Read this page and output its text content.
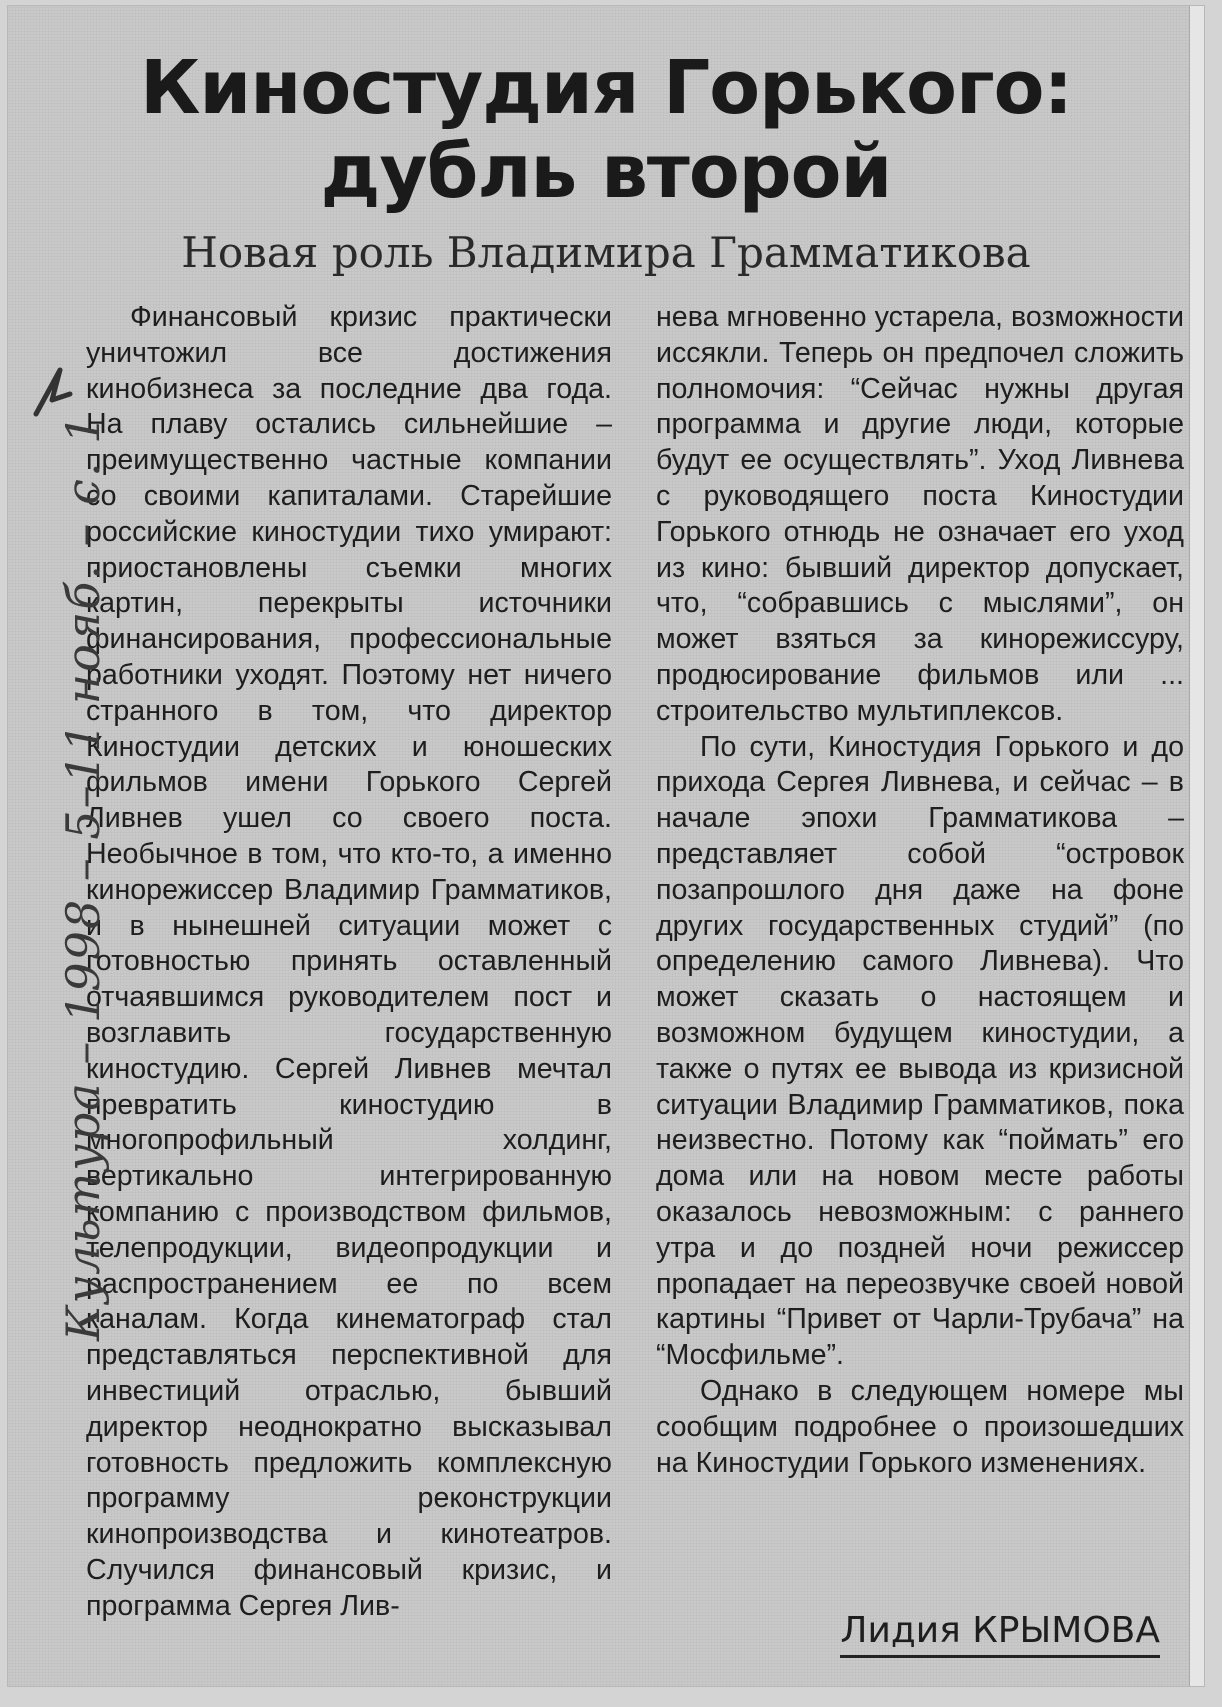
Киностудия Горького:
дубль второй
Новая роль Владимира Грамматикова

Финансовый кризис практически уничтожил все достижения кинобизнеса за последние два года. На плаву остались сильнейшие – преимущественно частные компании со своими капиталами. Старейшие российские киностудии тихо умирают: приостановлены съемки многих картин, перекрыты источники финансирования, профессиональные работники уходят. Поэтому нет ничего странного в том, что директор Киностудии детских и юношеских фильмов имени Горького Сергей Ливнев ушел со своего поста. Необычное в том, что кто-то, а именно кинорежиссер Владимир Грамматиков, и в нынешней ситуации может с готовностью принять оставленный отчаявшимся руководителем пост и возглавить государственную киностудию. Сергей Ливнев мечтал превратить киностудию в многопрофильный холдинг, вертикально интегрированную компанию с производством фильмов, телепродукции, видеопродукции и распространением ее по всем каналам. Когда кинематограф стал представляться перспективной для инвестиций отраслью, бывший директор неоднократно высказывал готовность предложить комплексную программу реконструкции кинопроизводства и кинотеатров. Случился финансовый кризис, и программа Сергея Лив-

нева мгновенно устарела, возможности иссякли. Теперь он предпочел сложить полномочия: “Сейчас нужны другая программа и другие люди, которые будут ее осуществлять”. Уход Ливнева с руководящего поста Киностудии Горького отнюдь не означает его уход из кино: бывший директор допускает, что, “собравшись с мыслями”, он может взяться за кинорежиссуру, продюсирование фильмов или ... строительство мультиплексов.

По сути, Киностудия Горького и до прихода Сергея Ливнева, и сейчас – в начале эпохи Грамматикова – представляет собой “островок позапрошлого дня даже на фоне других государственных студий” (по определению самого Ливнева). Что может сказать о настоящем и возможном будущем киностудии, а также о путях ее вывода из кризисной ситуации Владимир Грамматиков, пока неизвестно. Потому как “поймать” его дома или на новом месте работы оказалось невозможным: с раннего утра и до поздней ночи режиссер пропадает на переозвучке своей новой картины “Привет от Чарли-Трубача” на “Мосфильме”.

Однако в следующем номере мы сообщим подробнее о произошедших на Киностудии Горького изменениях.

Лидия КРЫМОВА
Культура – 1998 – 5–11 нояб. – с. 1
